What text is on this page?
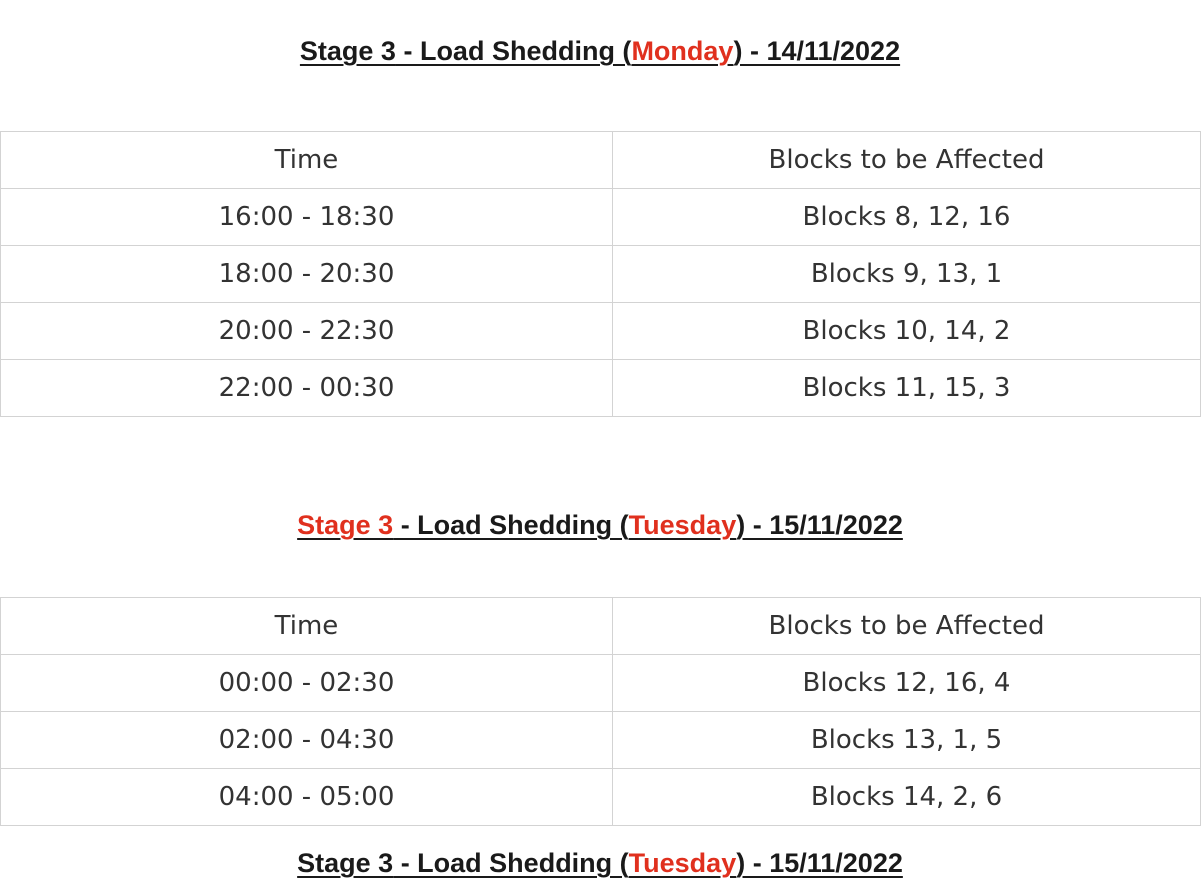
Stage 3 - Load Shedding (Monday) - 14/11/2022
Time	Blocks to be Affected
16:00 - 18:30	Blocks 8, 12, 16
18:00 - 20:30	Blocks 9, 13, 1
20:00 - 22:30	Blocks 10, 14, 2
22:00 - 00:30	Blocks 11, 15, 3
Stage 3 - Load Shedding (Tuesday) - 15/11/2022
Time	Blocks to be Affected
00:00 - 02:30	Blocks 12, 16, 4
02:00 - 04:30	Blocks 13, 1, 5
04:00 - 05:00	Blocks 14, 2, 6
Stage 3 - Load Shedding (Tuesday) - 15/11/2022
